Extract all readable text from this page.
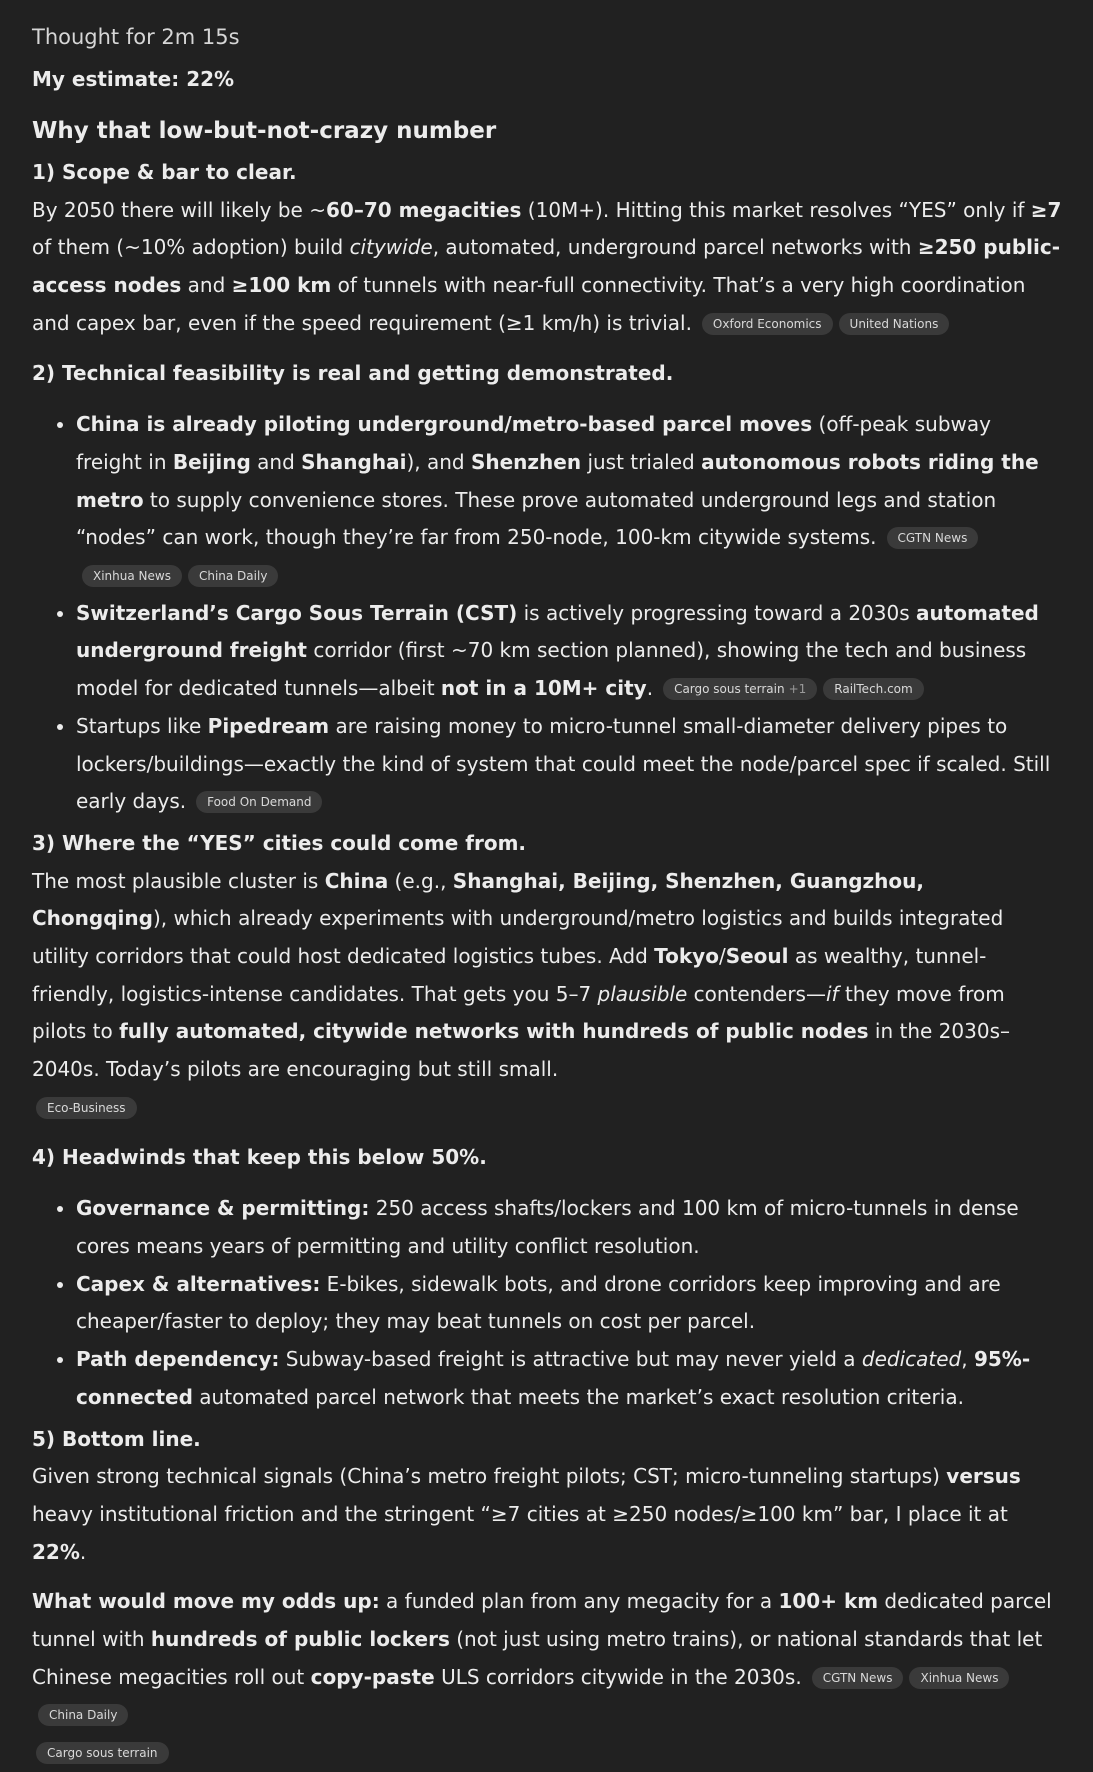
Thought for 2m 15s
My estimate: 22%
Why that low-but-not-crazy number
1) Scope & bar to clear.

By 2050 there will likely be ~60–70 megacities (10M+). Hitting this market resolves “YES” only if ≥7 of them (~10% adoption) build citywide, automated, underground parcel networks with ≥250 public-access nodes and ≥100 km of tunnels with near-full connectivity. That’s a very high coordination and capex bar, even if the speed requirement (≥1 km/h) is trivial. Oxford Economics United Nations

2) Technical feasibility is real and getting demonstrated.
• China is already piloting underground/metro-based parcel moves (off-peak subway freight in Beijing and Shanghai), and Shenzhen just trialed autonomous robots riding the metro to supply convenience stores. These prove automated underground legs and station “nodes” can work, though they’re far from 250-node, 100-km citywide systems. CGTN NewsXinhua News China Daily
• Switzerland’s Cargo Sous Terrain (CST) is actively progressing toward a 2030s automated underground freight corridor (first ~70 km section planned), showing the tech and business model for dedicated tunnels—albeit not in a 10M+ city. Cargo sous terrain +1 RailTech.com
• Startups like Pipedream are raising money to micro-tunnel small-diameter delivery pipes to lockers/buildings—exactly the kind of system that could meet the node/parcel spec if scaled. Still early days. Food On Demand
3) Where the “YES” cities could come from.

The most plausible cluster is China (e.g., Shanghai, Beijing, Shenzhen, Guangzhou, Chongqing), which already experiments with underground/metro logistics and builds integrated utility corridors that could host dedicated logistics tubes. Add Tokyo/Seoul as wealthy, tunnel-friendly, logistics-intense candidates. That gets you 5–7 plausible contenders—if they move from pilots to fully automated, citywide networks with hundreds of public nodes in the 2030s–2040s. Today’s pilots are encouraging but still small.
Eco-Business

4) Headwinds that keep this below 50%.
• Governance & permitting: 250 access shafts/lockers and 100 km of micro-tunnels in dense cores means years of permitting and utility conflict resolution.
• Capex & alternatives: E-bikes, sidewalk bots, and drone corridors keep improving and are cheaper/faster to deploy; they may beat tunnels on cost per parcel.
• Path dependency: Subway-based freight is attractive but may never yield a dedicated, 95%-connected automated parcel network that meets the market’s exact resolution criteria.
5) Bottom line.

Given strong technical signals (China’s metro freight pilots; CST; micro-tunneling startups) versus heavy institutional friction and the stringent “≥7 cities at ≥250 nodes/≥100 km” bar, I place it at 22%.

What would move my odds up: a funded plan from any megacity for a 100+ km dedicated parcel tunnel with hundreds of public lockers (not just using metro trains), or national standards that let Chinese megacities roll out copy-paste ULS corridors citywide in the 2030s. CGTN News Xinhua NewsChina Daily
Cargo sous terrain
